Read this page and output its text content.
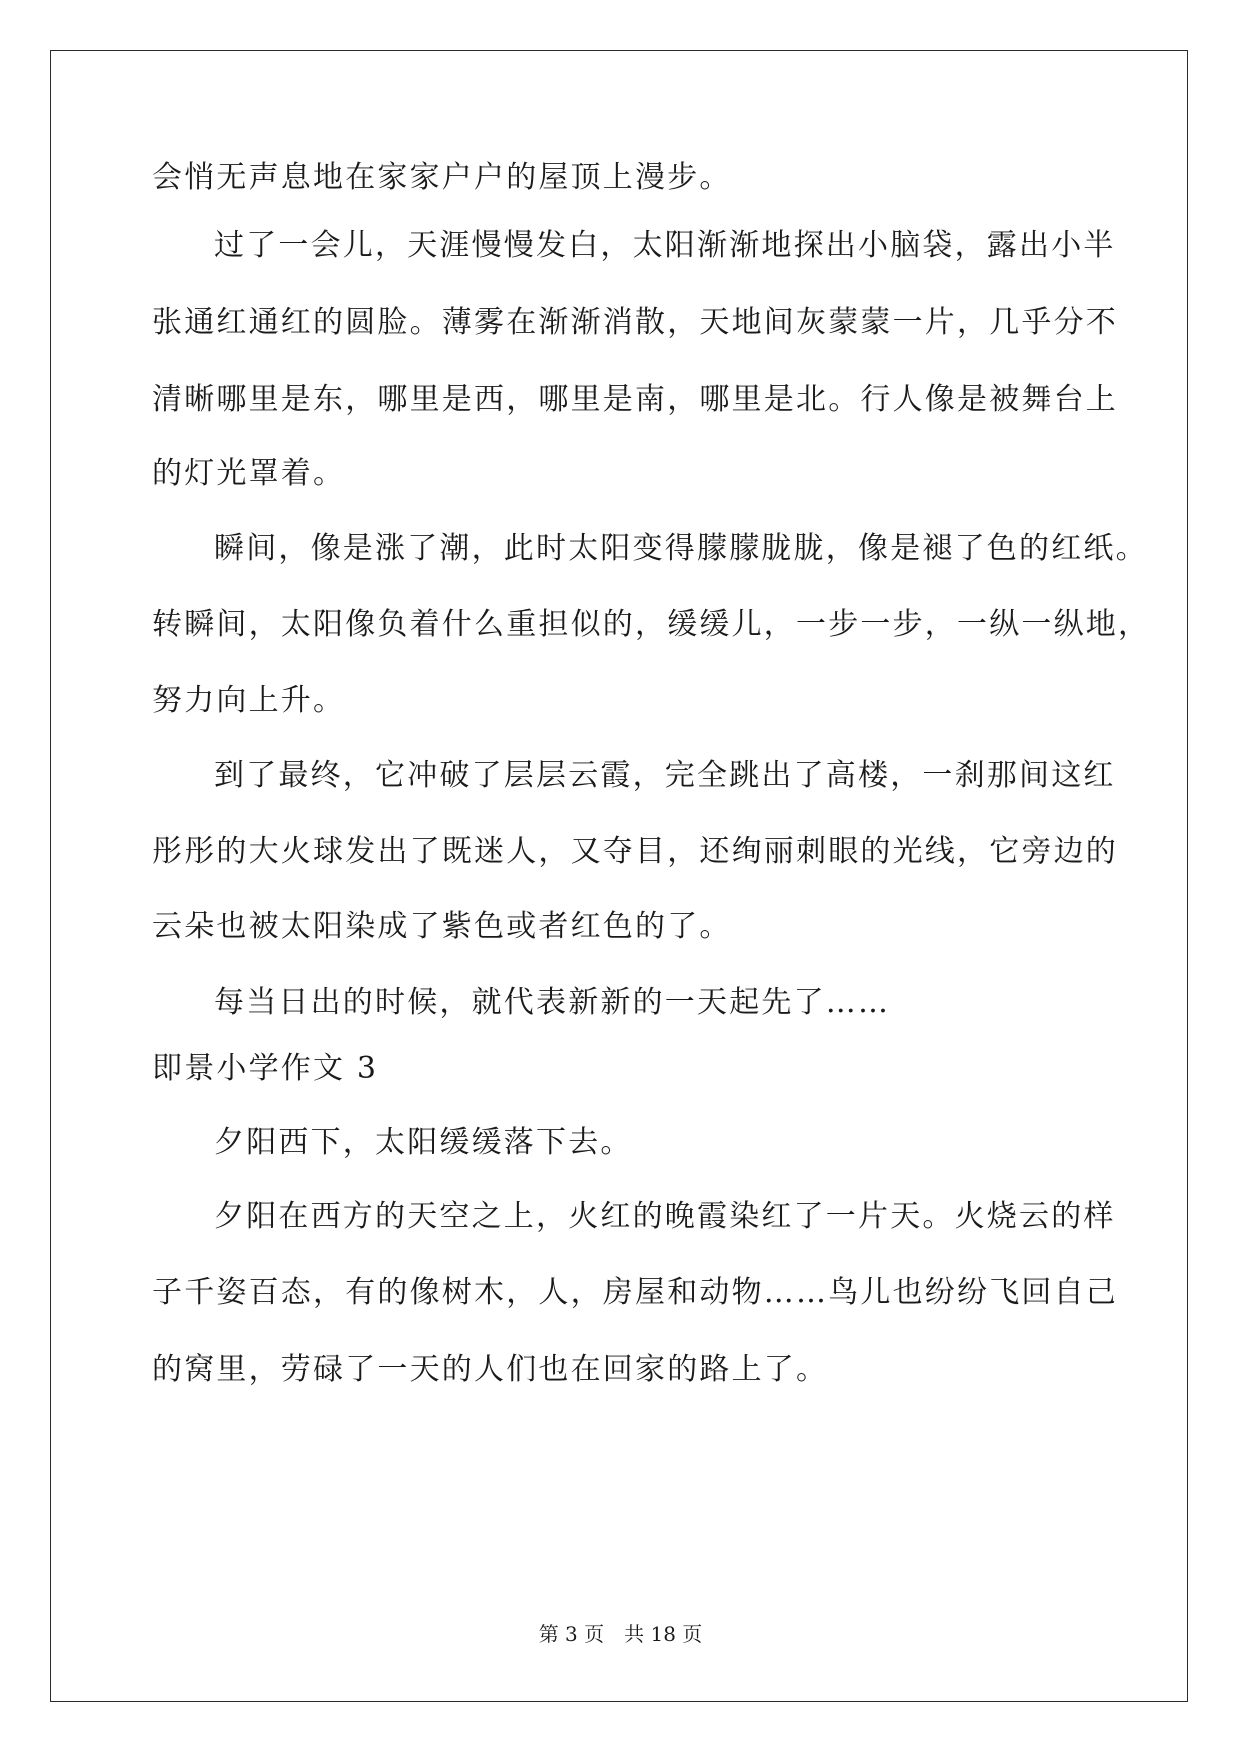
会悄无声息地在家家户户的屋顶上漫步。
过了一会儿，天涯慢慢发白，太阳渐渐地探出小脑袋，露出小半
张通红通红的圆脸。薄雾在渐渐消散，天地间灰蒙蒙一片，几乎分不
清晰哪里是东，哪里是西，哪里是南，哪里是北。行人像是被舞台上
的灯光罩着。
瞬间，像是涨了潮，此时太阳变得朦朦胧胧，像是褪了色的红纸。
转瞬间，太阳像负着什么重担似的，缓缓儿，一步一步，一纵一纵地，
努力向上升。
到了最终，它冲破了层层云霞，完全跳出了高楼，一刹那间这红
彤彤的大火球发出了既迷人，又夺目，还绚丽刺眼的光线，它旁边的
云朵也被太阳染成了紫色或者红色的了。
每当日出的时候，就代表新新的一天起先了……
即景小学作文 3
夕阳西下，太阳缓缓落下去。
夕阳在西方的天空之上，火红的晚霞染红了一片天。火烧云的样
子千姿百态，有的像树木，人，房屋和动物……鸟儿也纷纷飞回自己
的窝里，劳碌了一天的人们也在回家的路上了。
第 3 页 共 18 页
